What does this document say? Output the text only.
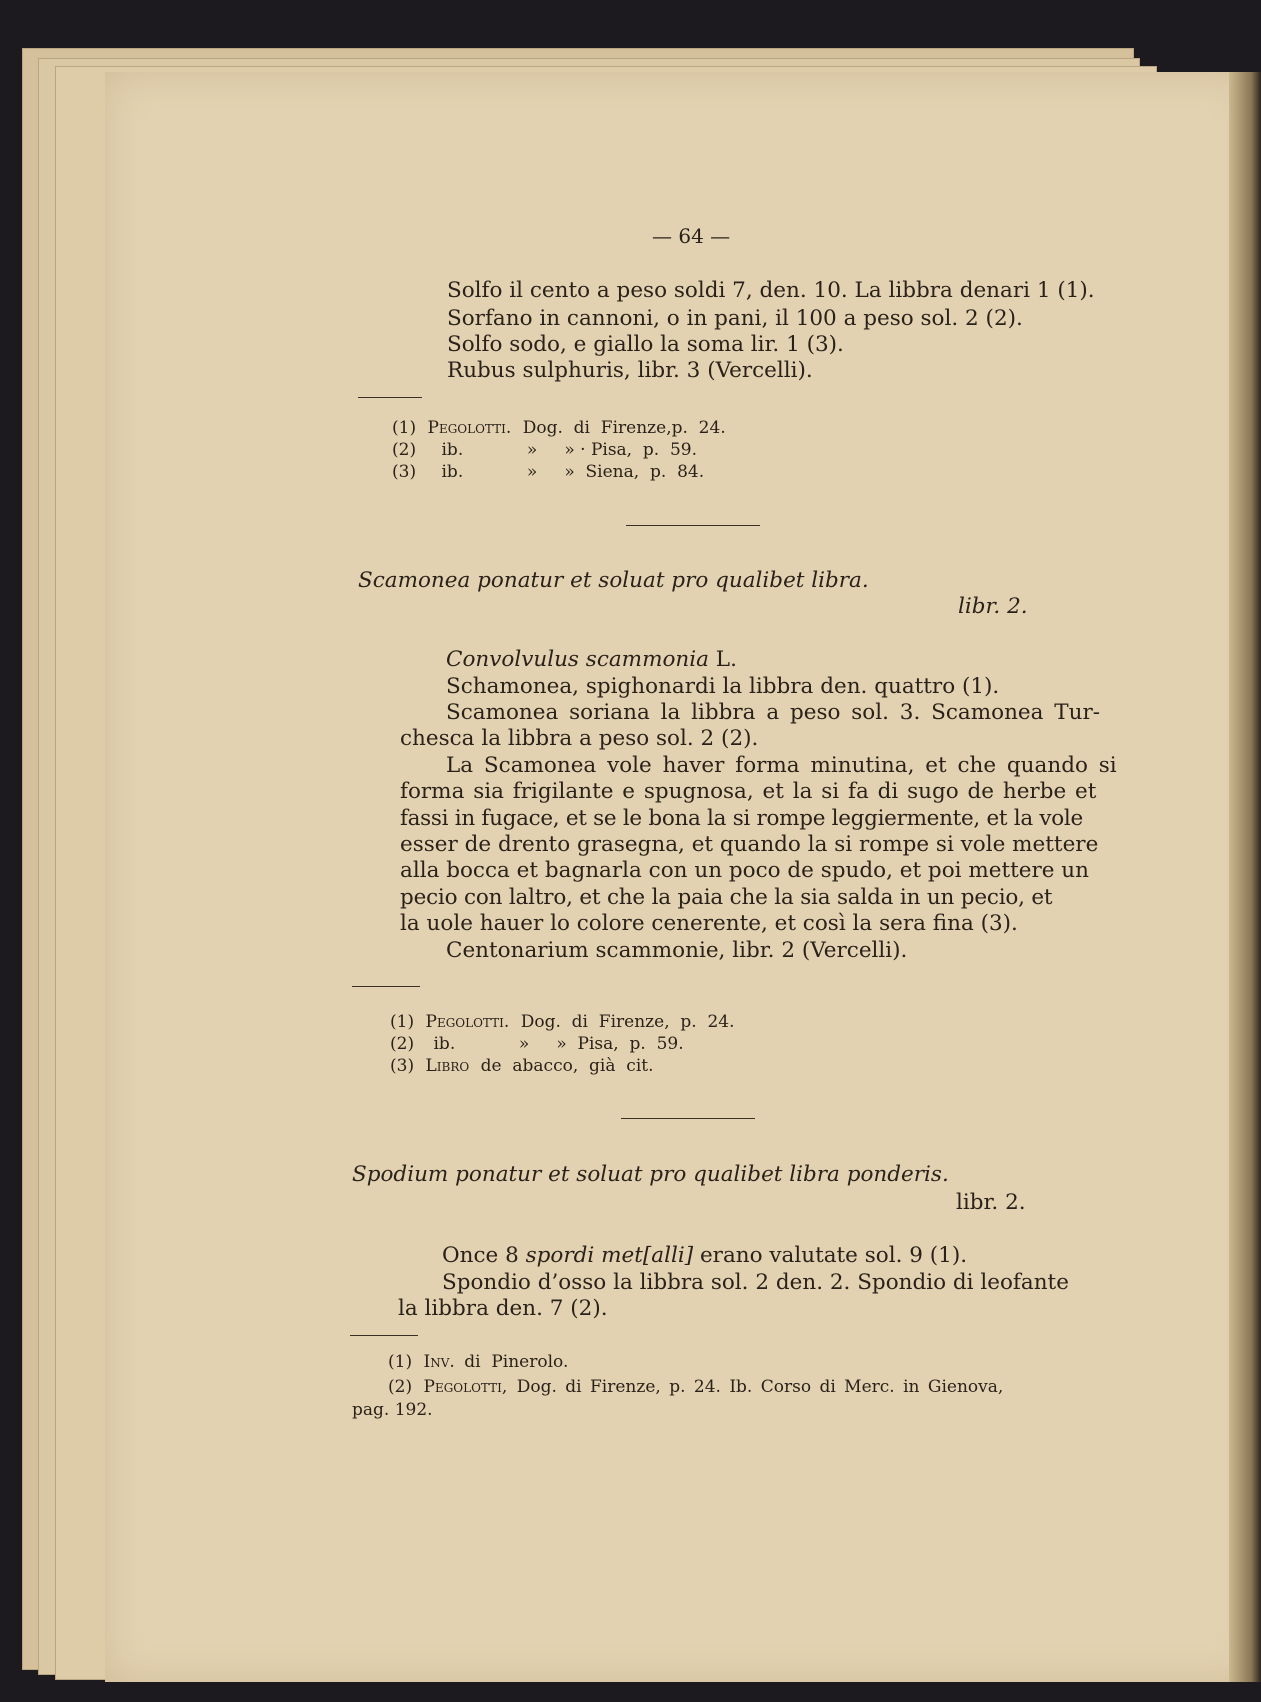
— 64 —
Solfo il cento a peso soldi 7, den. 10. La libbra denari 1 (1).
Sorfano in cannoni, o in pani, il 100 a peso sol. 2 (2).
Solfo sodo, e giallo la soma lir. 1 (3).
Rubus sulphuris, libr. 3 (Vercelli).
(1) Pegolotti. Dog.  di  Firenze,p.  24.
(2) ib.	»     » · Pisa,  p.  59.
(3) ib.	»     »  Siena,  p.  84.
Scamonea ponatur et soluat pro qualibet libra.
libr. 2.
Convolvulus scammonia L.
Schamonea, spighonardi la libbra den. quattro (1).
Scamonea soriana la libbra a peso sol. 3. Scamonea Tur-
chesca la libbra a peso sol. 2 (2).
La Scamonea vole haver forma minutina, et che quando si
forma sia frigilante e spugnosa, et la si fa di sugo de herbe et
fassi in fugace, et se le bona la si rompe leggiermente, et la vole
esser de drento grasegna, et quando la si rompe si vole mettere
alla bocca et bagnarla con un poco de spudo, et poi mettere un
pecio con laltro, et che la paia che la sia salda in un pecio, et
la uole hauer lo colore cenerente, et così la sera fina (3).
Centonarium scammonie, libr. 2 (Vercelli).
(1) Pegolotti. Dog.  di  Firenze,  p.  24.
(2) ib.	»     »  Pisa,  p.  59.
(3) Libro de  abacco,  già  cit.
Spodium ponatur et soluat pro qualibet libra ponderis.
libr. 2.
Once 8 spordi met[alli] erano valutate sol. 9 (1).
Spondio d’osso la libbra sol. 2 den. 2. Spondio di leofante
la libbra den. 7 (2).
(1) Inv. di  Pinerolo.
(2) Pegolotti, Dog. di Firenze, p. 24. Ib. Corso di Merc. in Gienova,
pag. 192.
